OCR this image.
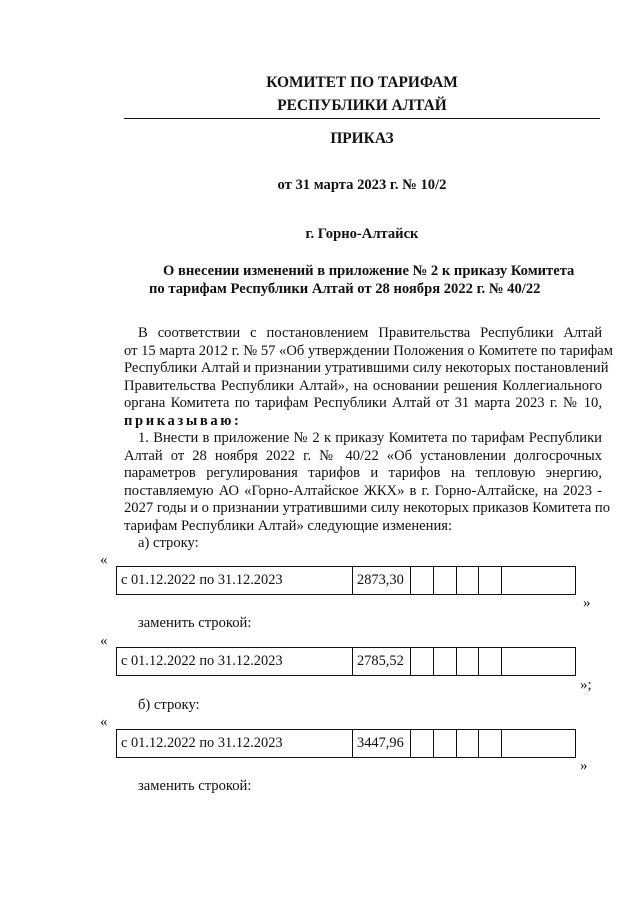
КОМИТЕТ ПО ТАРИФАМ
РЕСПУБЛИКИ АЛТАЙ
ПРИКАЗ
от 31 марта 2023 г. № 10/2
г. Горно-Алтайск
О внесении изменений в приложение № 2 к приказу Комитета
по тарифам Республики Алтай от 28 ноября 2022 г. № 40/22
В соответствии с постановлением Правительства Республики Алтай
от 15 марта 2012 г. № 57 «Об утверждении Положения о Комитете по тарифам
Республики Алтай и признании утратившими силу некоторых постановлений
Правительства Республики Алтай», на основании решения Коллегиального
органа Комитета по тарифам Республики Алтай от 31 марта 2023 г. № 10,
приказываю:
1. Внести в приложение № 2 к приказу Комитета по тарифам Республики
Алтай от 28 ноября 2022 г. № 40/22 «Об установлении долгосрочных
параметров регулирования тарифов и тарифов на тепловую энергию,
поставляемую АО «Горно-Алтайское ЖКХ» в г. Горно-Алтайске, на 2023 -
2027 годы и о признании утратившими силу некоторых приказов Комитета по
тарифам Республики Алтай» следующие изменения:
а) строку:
«
с 01.12.2022 по 31.12.2023	2873,30					
»
заменить строкой:
«
с 01.12.2022 по 31.12.2023	2785,52					
»;
б) строку:
«
с 01.12.2022 по 31.12.2023	3447,96					
»
заменить строкой:
